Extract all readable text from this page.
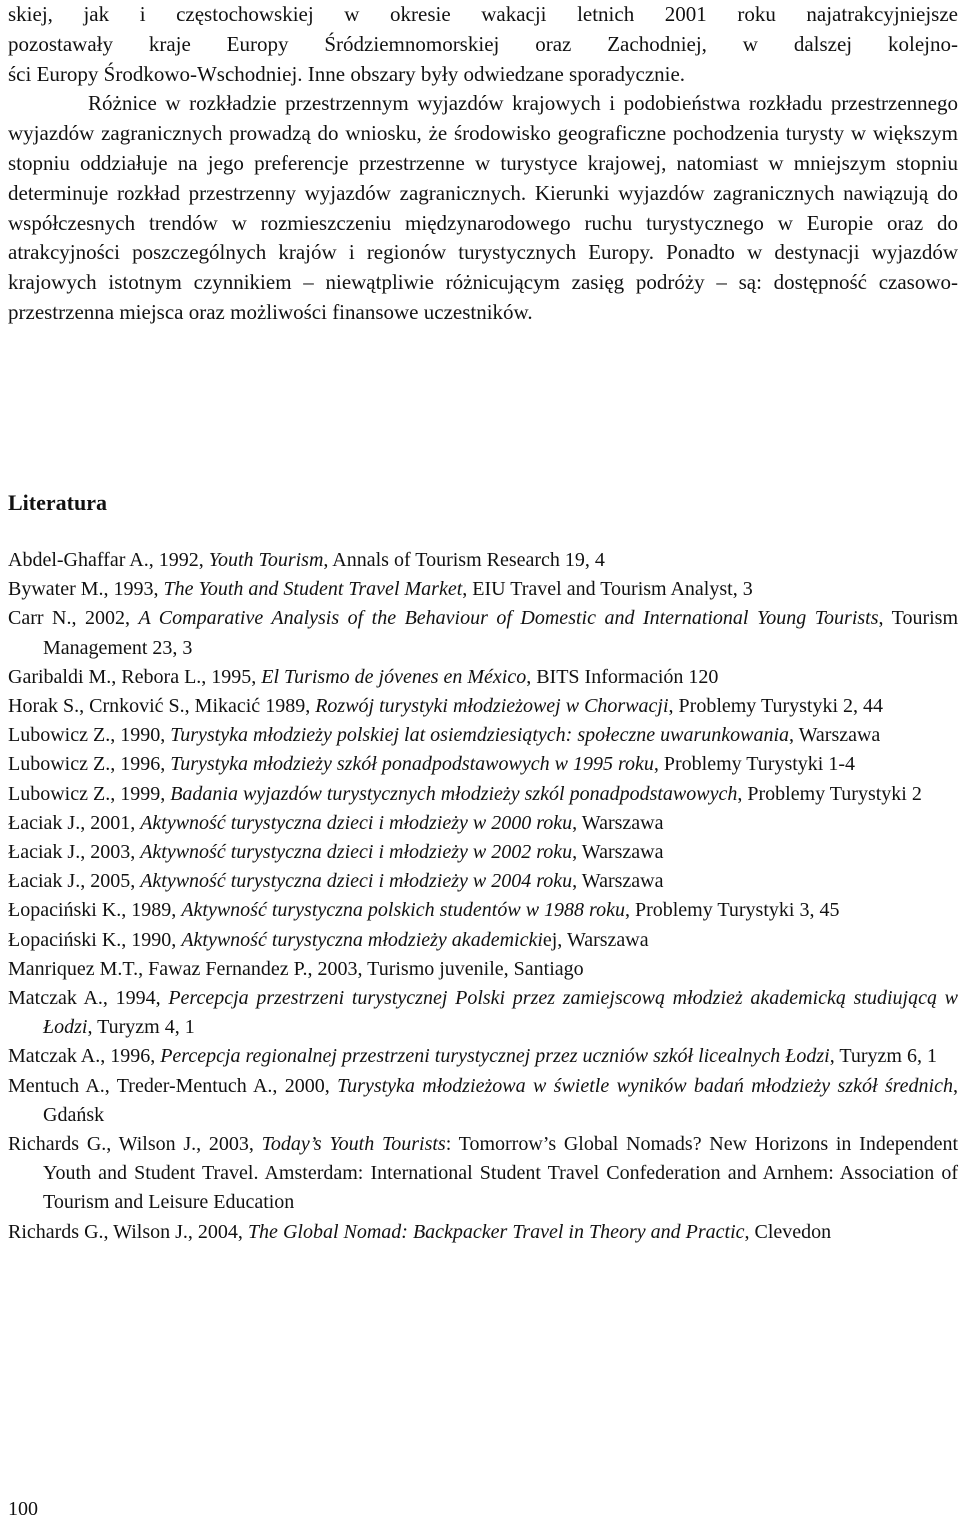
skiej, jak i częstochowskiej w okresie wakacji letnich 2001 roku najatrakcyjniejsze
pozostawały kraje Europy Śródziemnomorskiej oraz Zachodniej, w dalszej kolejno-
ści Europy Środkowo-Wschodniej. Inne obszary były odwiedzane sporadycznie.

Różnice w rozkładzie przestrzennym wyjazdów krajowych i podobieństwa rozkładu przestrzennego wyjazdów zagranicznych prowadzą do wniosku, że środowisko geograficzne pochodzenia turysty w większym stopniu oddziałuje na jego preferencje przestrzenne w turystyce krajowej, natomiast w mniejszym stopniu determinuje rozkład przestrzenny wyjazdów zagranicznych. Kierunki wyjazdów zagranicznych nawiązują do współczesnych trendów w rozmieszczeniu międzynarodowego ruchu turystycznego w Europie oraz do atrakcyjności poszczególnych krajów i regionów turystycznych Europy. Ponadto w destynacji wyjazdów krajowych istotnym czynnikiem – niewątpliwie różnicującym zasięg podróży – są: dostępność czasowo-przestrzenna miejsca oraz możliwości finansowe uczestników.

Literatura
Abdel-Ghaffar A., 1992, Youth Tourism, Annals of Tourism Research 19, 4
Bywater M., 1993, The Youth and Student Travel Market, EIU Travel and Tourism Analyst, 3
Carr N., 2002, A Comparative Analysis of the Behaviour of Domestic and International Young Tourists, Tourism Management 23, 3
Garibaldi M., Rebora L., 1995, El Turismo de jóvenes en México, BITS Información 120
Horak S., Crnković S., Mikacić 1989, Rozwój turystyki młodzieżowej w Chorwacji, Problemy Turystyki 2, 44
Lubowicz Z., 1990, Turystyka młodzieży polskiej lat osiemdziesiątych: społeczne uwarunkowania, Warszawa
Lubowicz Z., 1996, Turystyka młodzieży szkół ponadpodstawowych w 1995 roku, Problemy Turystyki 1-4
Lubowicz Z., 1999, Badania wyjazdów turystycznych młodzieży szkól ponadpodstawowych, Problemy Turystyki 2
Łaciak J., 2001, Aktywność turystyczna dzieci i młodzieży w 2000 roku, Warszawa
Łaciak J., 2003, Aktywność turystyczna dzieci i młodzieży w 2002 roku, Warszawa
Łaciak J., 2005, Aktywność turystyczna dzieci i młodzieży w 2004 roku, Warszawa
Łopaciński K., 1989, Aktywność turystyczna polskich studentów w 1988 roku, Problemy Turystyki 3, 45
Łopaciński K., 1990, Aktywność turystyczna młodzieży akademickiej, Warszawa
Manriquez M.T., Fawaz Fernandez P., 2003, Turismo juvenile, Santiago
Matczak A., 1994, Percepcja przestrzeni turystycznej Polski przez zamiejscową młodzież akademicką studiującą w Łodzi, Turyzm 4, 1
Matczak A., 1996, Percepcja regionalnej przestrzeni turystycznej przez uczniów szkół licealnych Łodzi, Turyzm 6, 1
Mentuch A., Treder-Mentuch A., 2000, Turystyka młodzieżowa w świetle wyników badań młodzieży szkół średnich, Gdańsk
Richards G., Wilson J., 2003, Today’s Youth Tourists: Tomorrow’s Global Nomads? New Horizons in Independent Youth and Student Travel. Amsterdam: International Student Travel Confederation and Arnhem: Association of Tourism and Leisure Education
Richards G., Wilson J., 2004, The Global Nomad: Backpacker Travel in Theory and Practic, Clevedon
100
